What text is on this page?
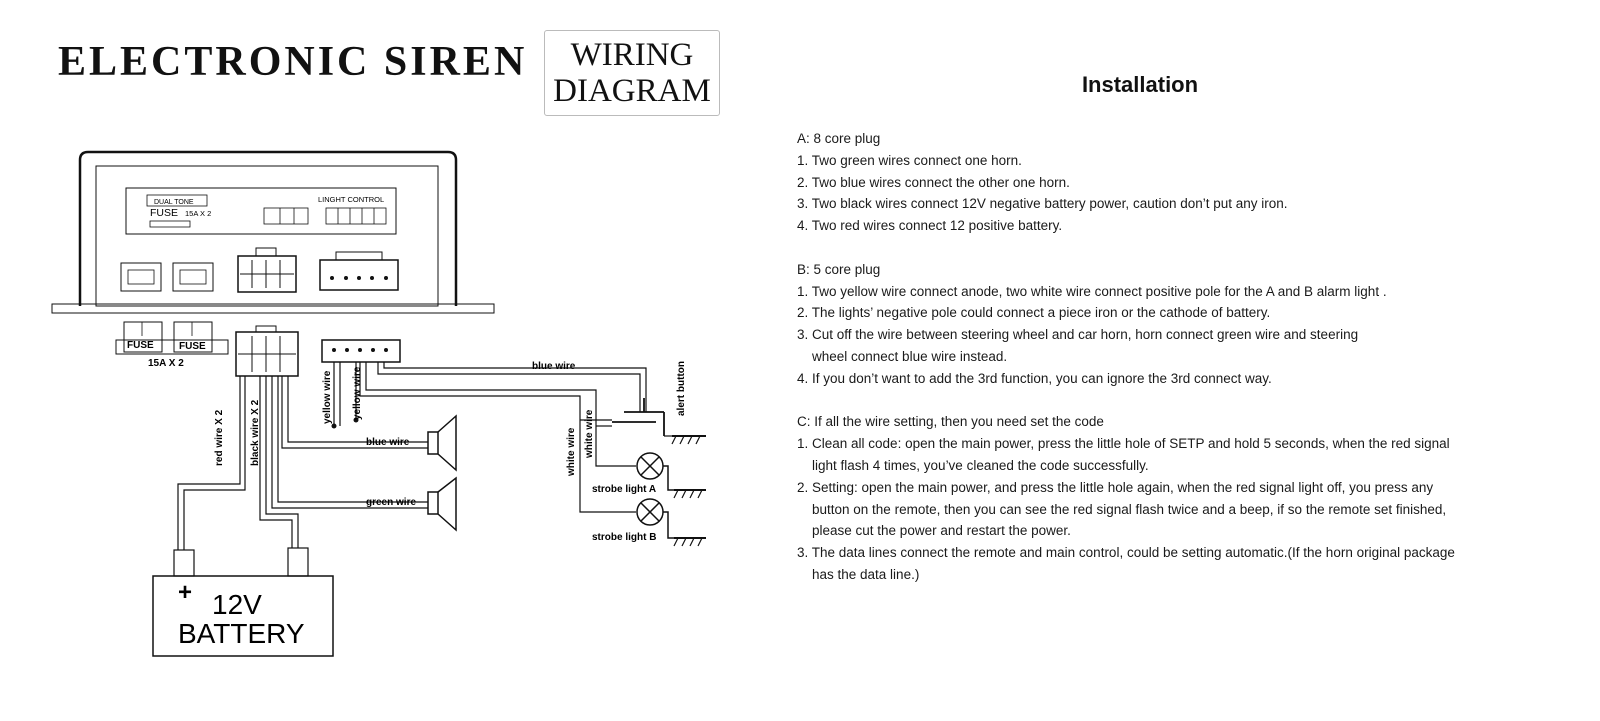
ELECTRONIC SIREN	WIRING
DIAGRAM
DUAL TONE
FUSE 15A X 2
LINGHT CONTROL
FUSE	FUSE
15A X 2
red wire X 2	black wire X 2
yellow wire yellow wire
blue wire
blue wire
green wire
white wire white wire
alert button
strobe light A
strobe light B
+ 12V
BATTERY
Installation
A: 8 core plug
1. Two green wires connect one horn.
2. Two blue wires connect the other one horn.
3. Two black wires connect 12V negative battery power, caution don’t put any iron.
4. Two red wires connect 12 positive battery.
B: 5 core plug
1. Two yellow wire connect anode, two white wire connect positive pole for the A and B alarm light .
2. The lights’ negative pole could connect a piece iron or the cathode of battery.
3. Cut off the wire between steering wheel and car horn, horn connect green wire and steering
wheel connect blue wire instead.
4. If you don’t want to add the 3rd function, you can ignore the 3rd connect way.
C: If all the wire setting, then you need set the code
1. Clean all code: open the main power, press the little hole of SETP and hold 5 seconds, when the red signal
light flash 4 times, you’ve cleaned the code successfully.
2. Setting: open the main power, and press the little hole again, when the red signal light off, you press any
button on the remote, then you can see the red signal flash twice and a beep, if so the remote set finished,
please cut the power and restart the power.
3. The data lines connect the remote and main control, could be setting automatic.(If the horn original package
has the data line.)
